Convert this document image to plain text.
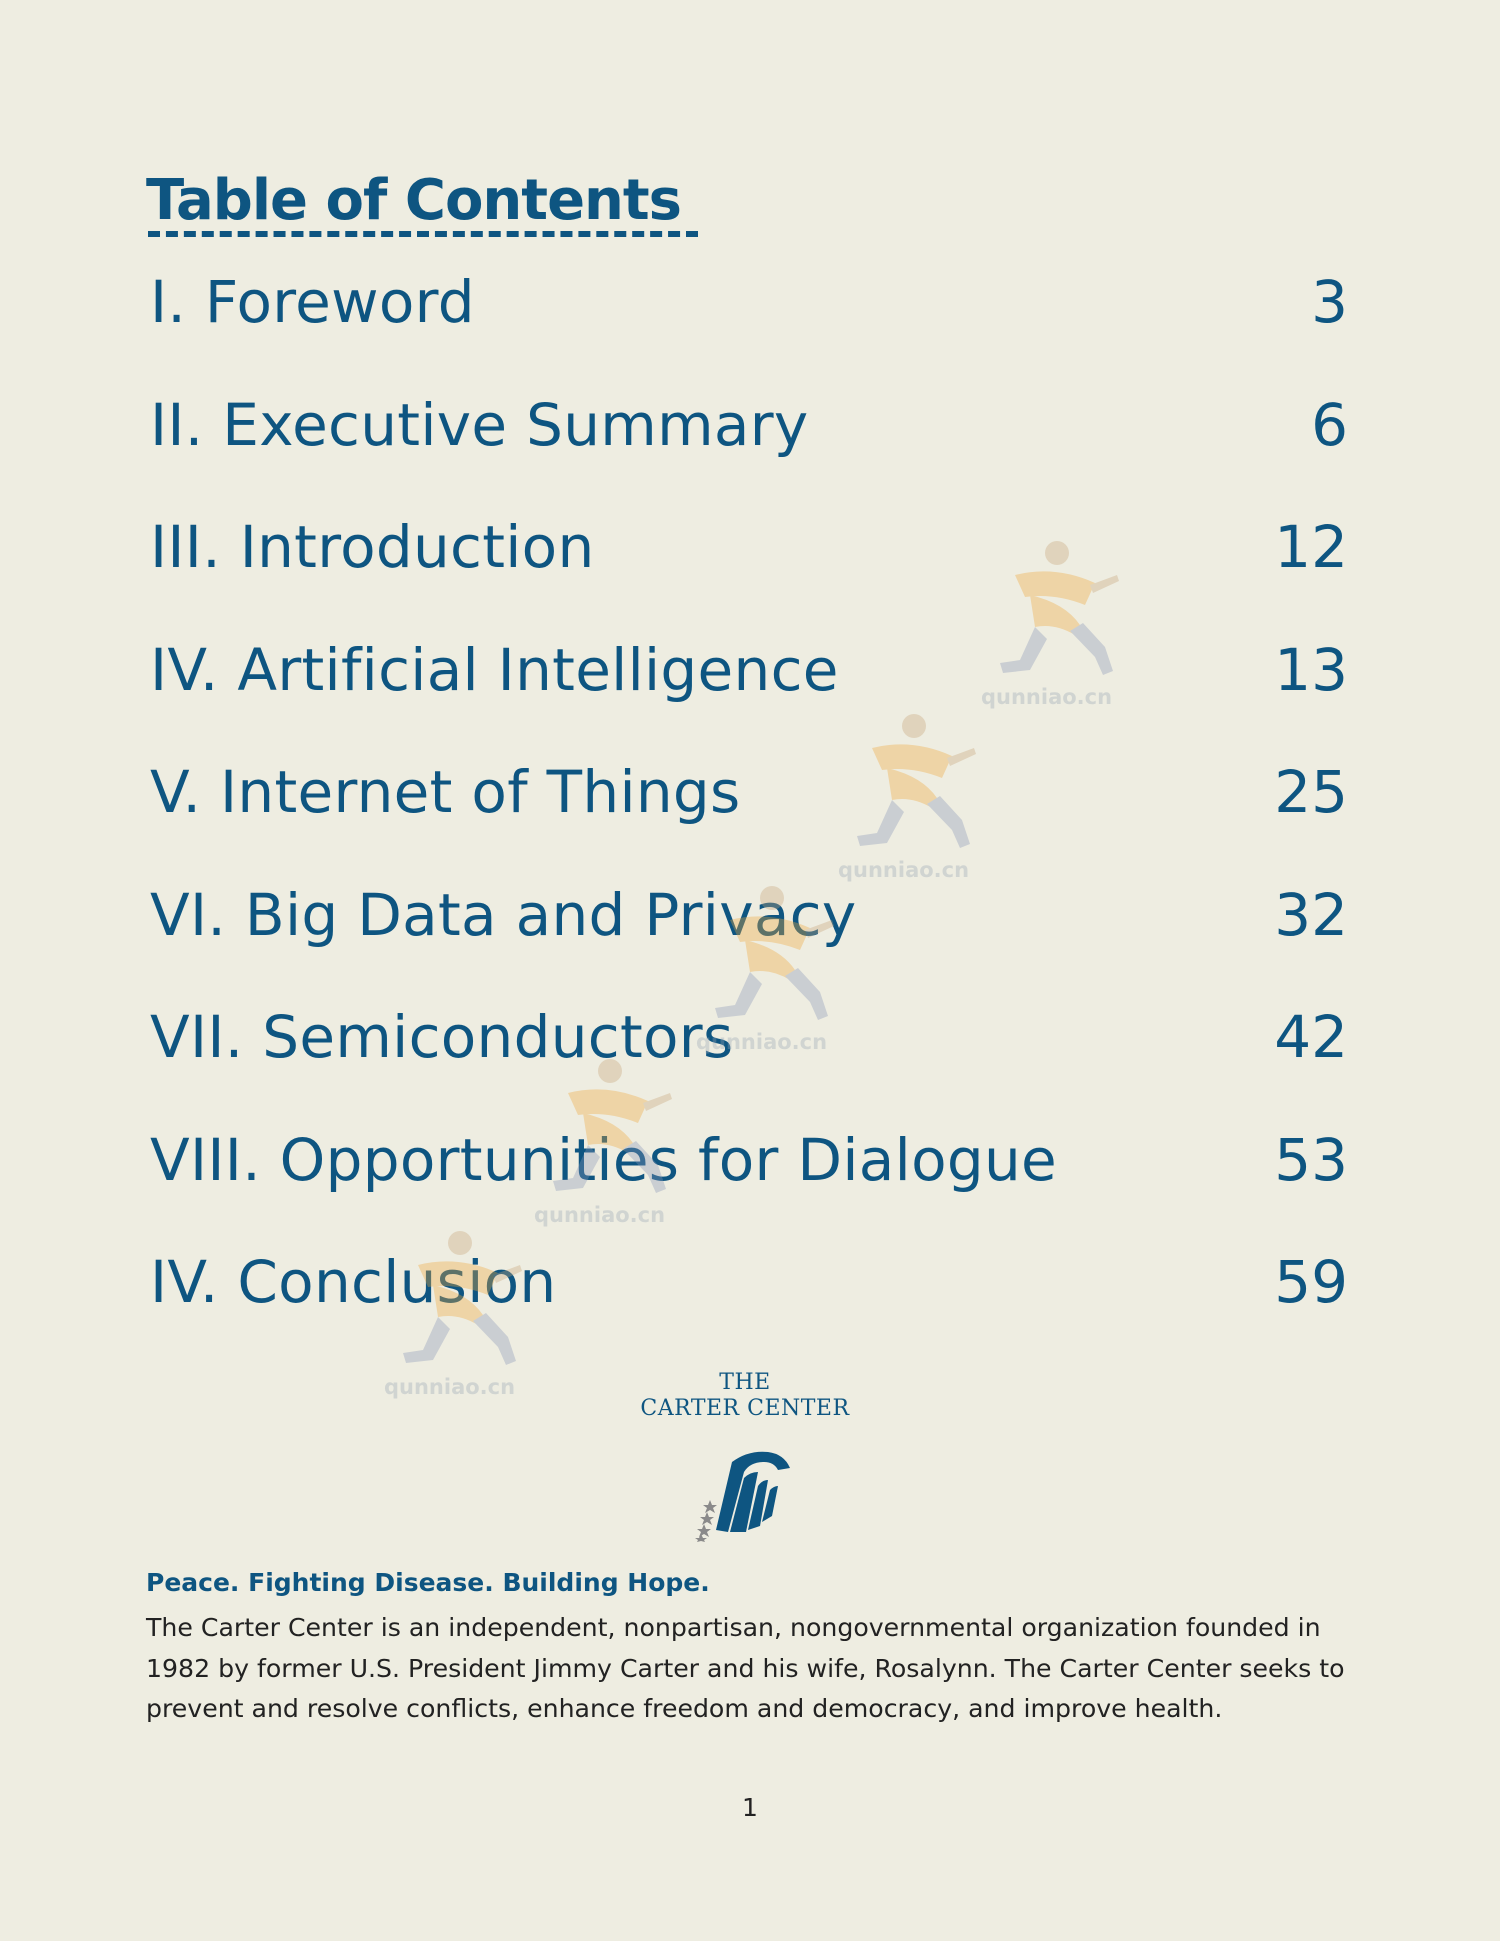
Table of Contents
I. Foreword	3
II. Executive Summary	6
III. Introduction	12
IV. Artificial Intelligence	13
V. Internet of Things	25
VI. Big Data and Privacy	32
VII. Semiconductors	42
VIII. Opportunities for Dialogue	53
IV. Conclusion	59
qunniao.cn
qunniao.cn
qunniao.cn
qunniao.cn
qunniao.cn	THE
CARTER CENTER
Peace. Fighting Disease. Building Hope.
The Carter Center is an independent, nonpartisan, nongovernmental organization founded in 1982 by former U.S. President Jimmy Carter and his wife, Rosalynn. The Carter Center seeks to prevent and resolve conflicts, enhance freedom and democracy, and improve health.
1
